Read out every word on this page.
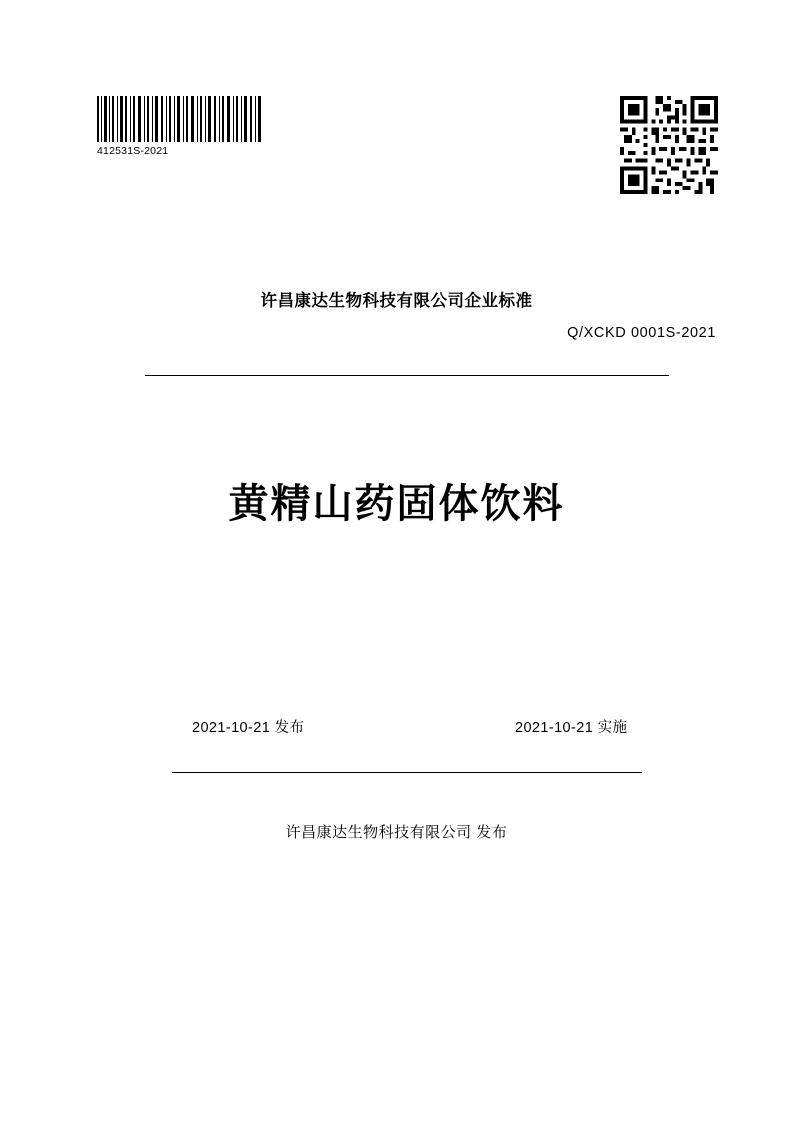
412531S-2021
许昌康达生物科技有限公司企业标准
Q/XCKD 0001S-2021
黄精山药固体饮料
2021-10-21 发布	2021-10-21 实施
许昌康达生物科技有限公司 发布
